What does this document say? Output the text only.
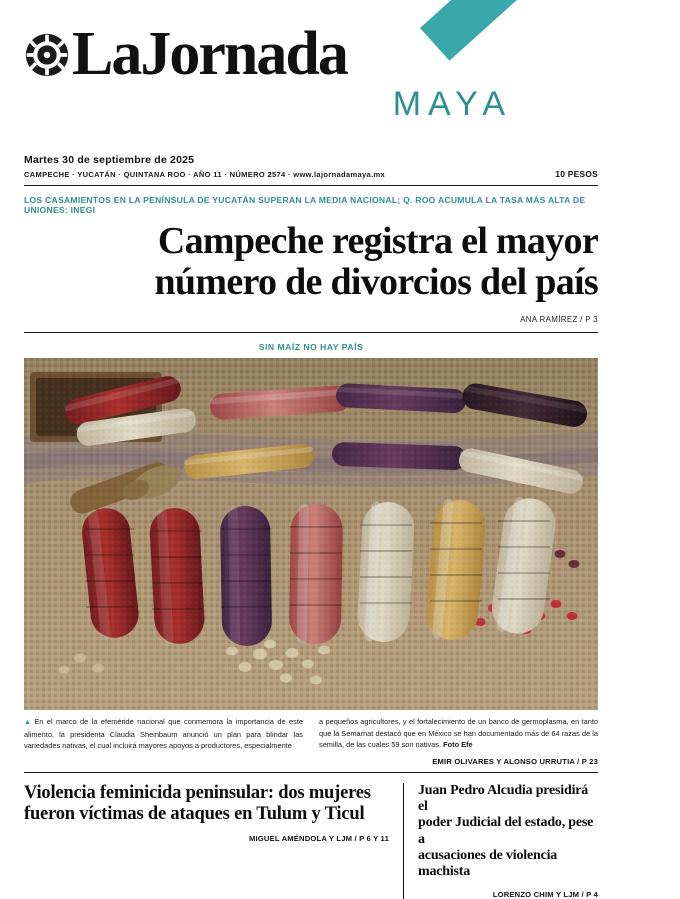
LaJornada
MAYA
Martes 30 de septiembre de 2025
CAMPECHE · YUCATÁN · QUINTANA ROO · AÑO 11 · NÚMERO 2574 · www.lajornadamaya.mx	10 PESOS
LOS CASAMIENTOS EN LA PENÍNSULA DE YUCATÁN SUPERAN LA MEDIA NACIONAL; Q. ROO ACUMULA LA TASA MÁS ALTA DE UNIONES: INEGI
Campeche registra el mayor
número de divorcios del país
ANA RAMÍREZ / P 3
SIN MAÍZ NO HAY PAÍS
▲ En el marco de la efeméride nacional que conmemora la importancia de este alimento, la presidenta Claudia Sheinbaum anunció un plan para blindar las variedades nativas, el cual incluirá mayores apoyos a productores, especialmente
a pequeños agricultores, y el fortalecimiento de un banco de germoplasma, en tanto que la Semarnat destacó que en México se han documentado más de 64 razas de la semilla, de las cuales 59 son nativas. Foto Efe
EMIR OLIVARES Y ALONSO URRUTIA / P 23
Violencia feminicida peninsular: dos mujeres
fueron víctimas de ataques en Tulum y Ticul
MIGUEL AMÉNDOLA Y LJM / P 6 Y 11
Juan Pedro Alcudia presidirá el
poder Judicial del estado, pese a
acusaciones de violencia machista
LORENZO CHIM Y LJM / P 4
